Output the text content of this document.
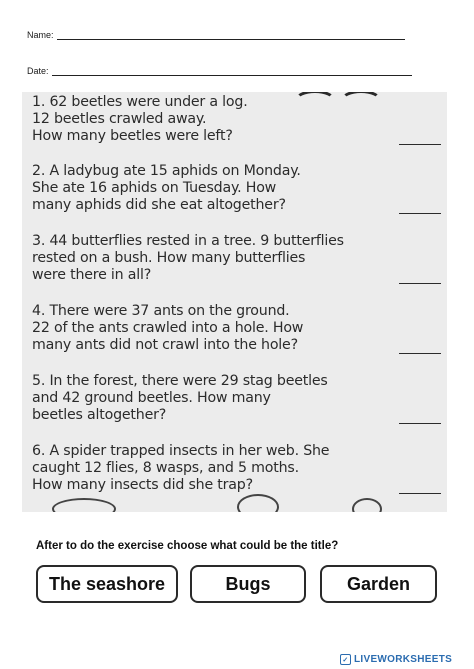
Name:
Date:
1. 62 beetles were under a log.
12 beetles crawled away.
How many beetles were left?
2. A ladybug ate 15 aphids on Monday.
She ate 16 aphids on Tuesday. How
many aphids did she eat altogether?
3. 44 butterflies rested in a tree. 9 butterflies
rested on a bush. How many butterflies
were there in all?
4. There were 37 ants on the ground.
22 of the ants crawled into a hole. How
many ants did not crawl into the hole?
5. In the forest, there were 29 stag beetles
and 42 ground beetles. How many
beetles altogether?
6. A spider trapped insects in her web. She
caught 12 flies, 8 wasps, and 5 moths.
How many insects did she trap?
After to do the exercise choose what could be the title?
The seashore	Bugs	Garden
✓ LIVEWORKSHEETS
